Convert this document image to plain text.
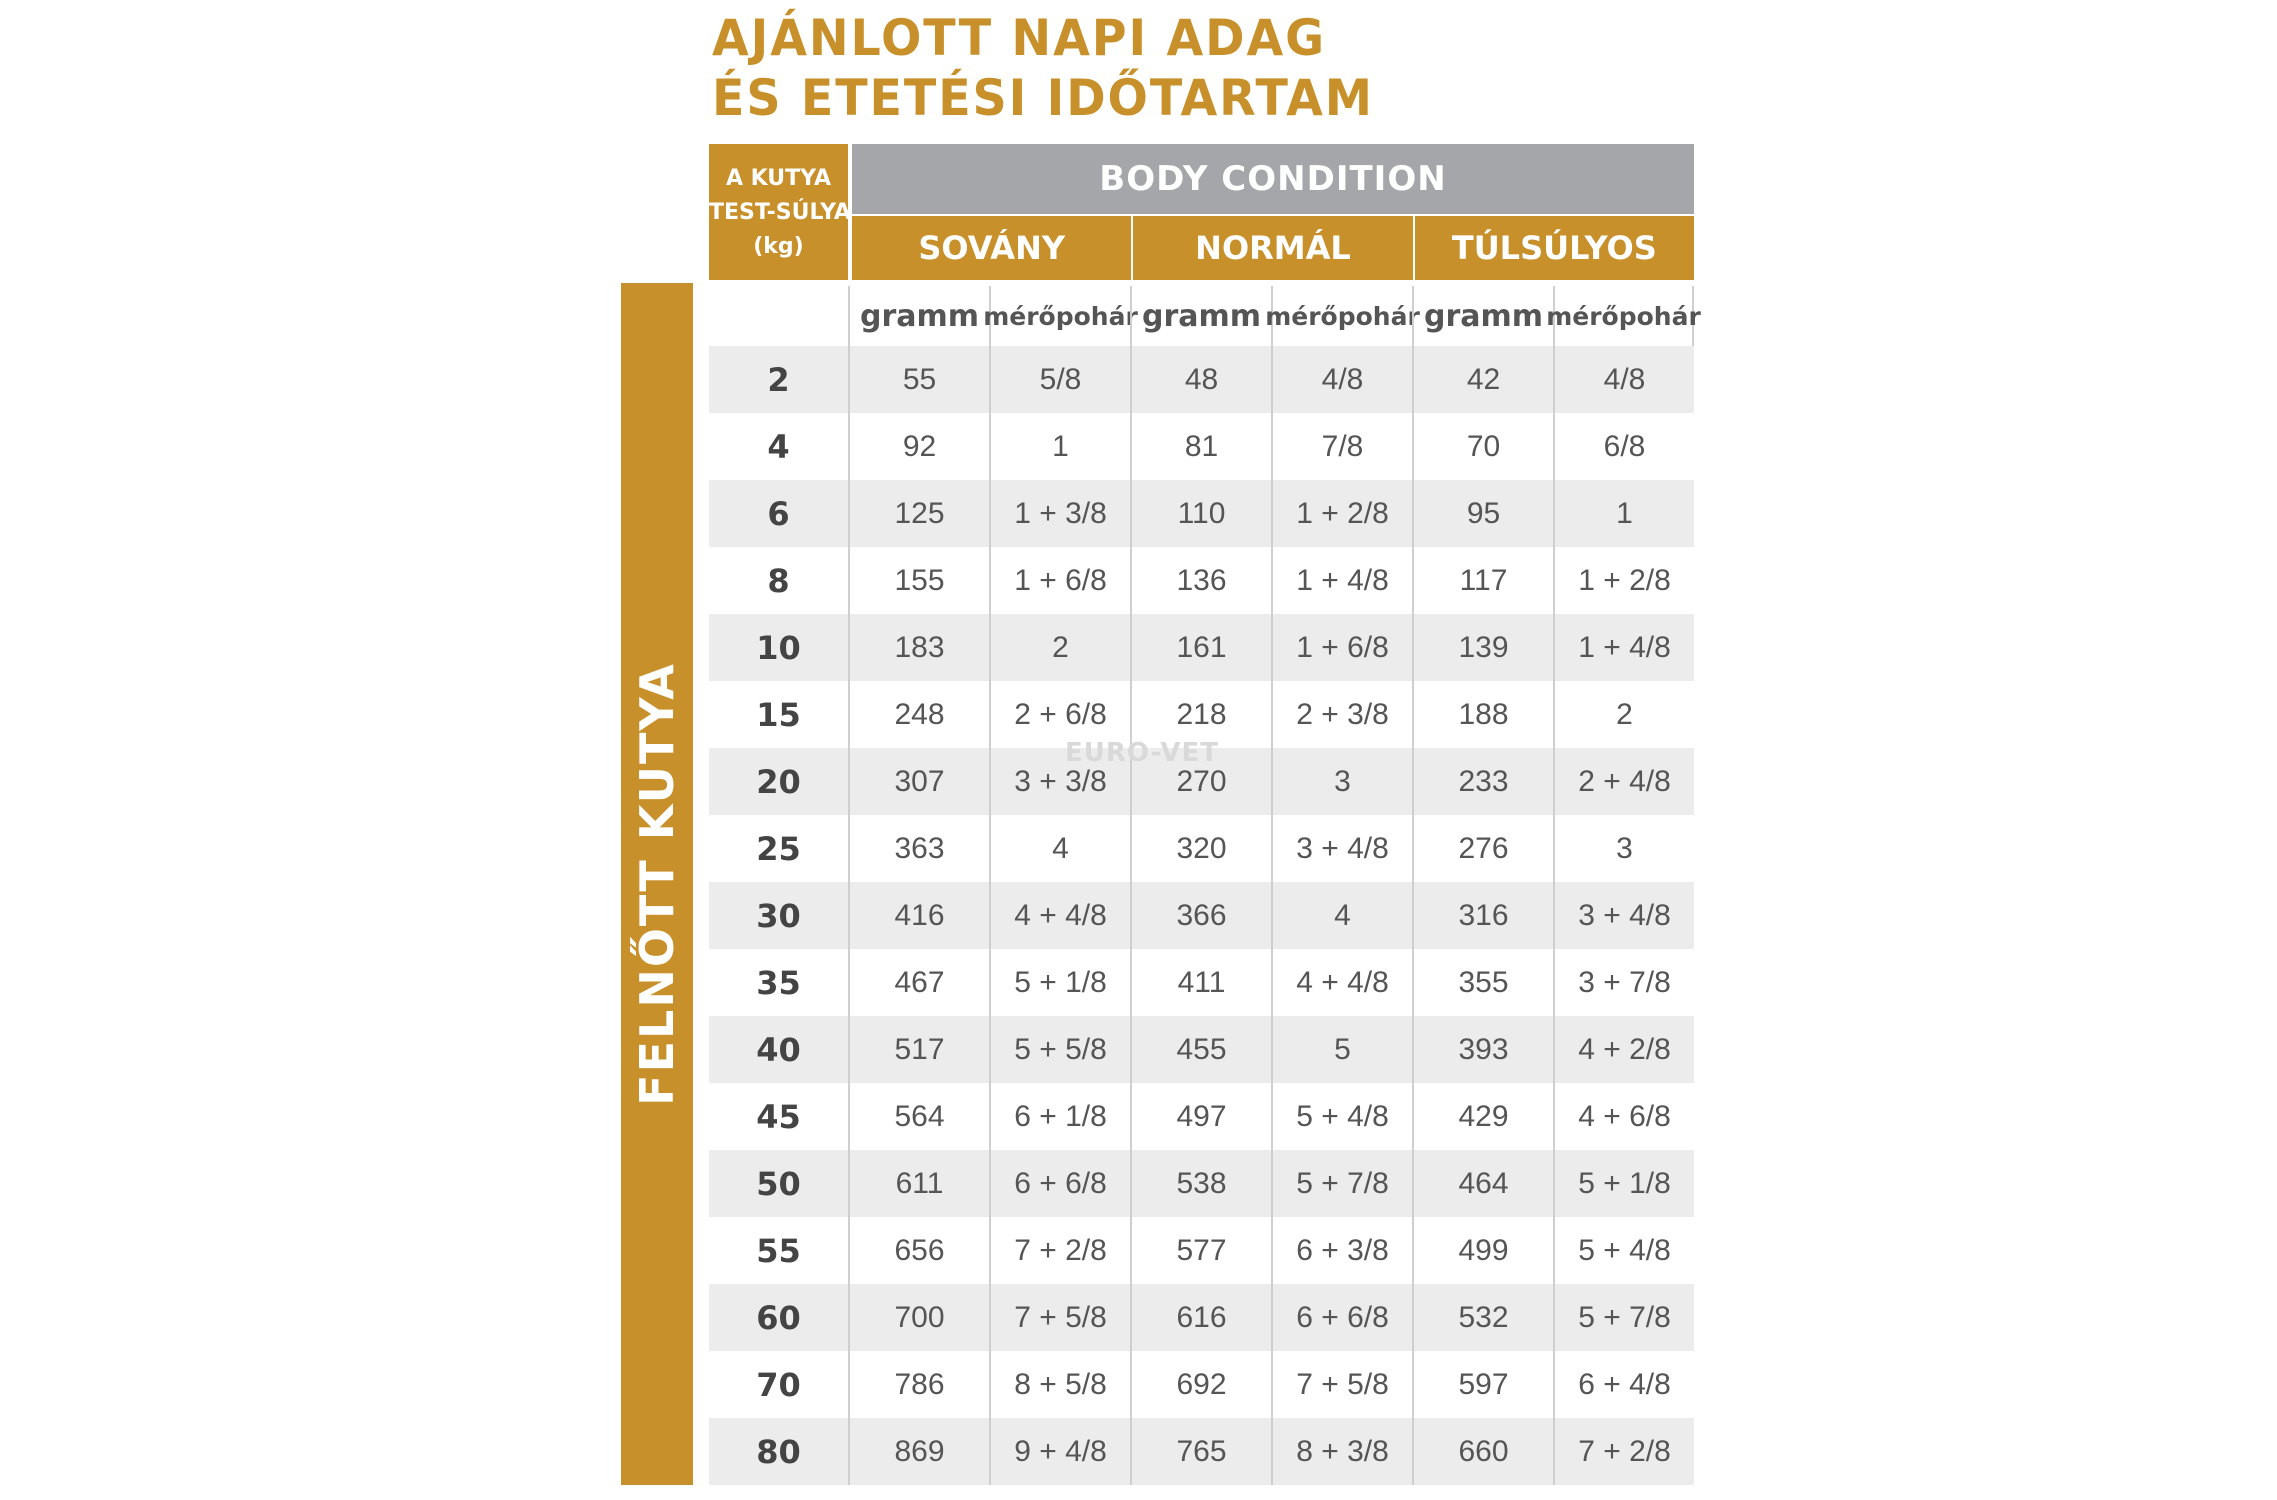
AJÁNLOTT NAPI ADAG
ÉS ETETÉSI IDŐTARTAM
FELNŐTT KUTYA
A KUTYA
TEST-SÚLYA
(kg)
BODY CONDITION
SOVÁNY	NORMÁL	TÚLSÚLYOS
gramm mérőpohár gramm mérőpohár gramm mérőpohár
2	55	5/8	48	4/8	42	4/8
4	92	1	81	7/8	70	6/8
6	125	1 + 3/8	110	1 + 2/8	95	1
8	155	1 + 6/8	136	1 + 4/8	117	1 + 2/8
10	183	2	161	1 + 6/8	139	1 + 4/8
15	248	2 + 6/8	218	2 + 3/8	188	2
20	307	3 + 3/8	270	3	233	2 + 4/8
25	363	4	320	3 + 4/8	276	3
30	416	4 + 4/8	366	4	316	3 + 4/8
35	467	5 + 1/8	411	4 + 4/8	355	3 + 7/8
40	517	5 + 5/8	455	5	393	4 + 2/8
45	564	6 + 1/8	497	5 + 4/8	429	4 + 6/8
50	611	6 + 6/8	538	5 + 7/8	464	5 + 1/8
55	656	7 + 2/8	577	6 + 3/8	499	5 + 4/8
60	700	7 + 5/8	616	6 + 6/8	532	5 + 7/8
70	786	8 + 5/8	692	7 + 5/8	597	6 + 4/8
80	869	9 + 4/8	765	8 + 3/8	660	7 + 2/8
EURO-VET
